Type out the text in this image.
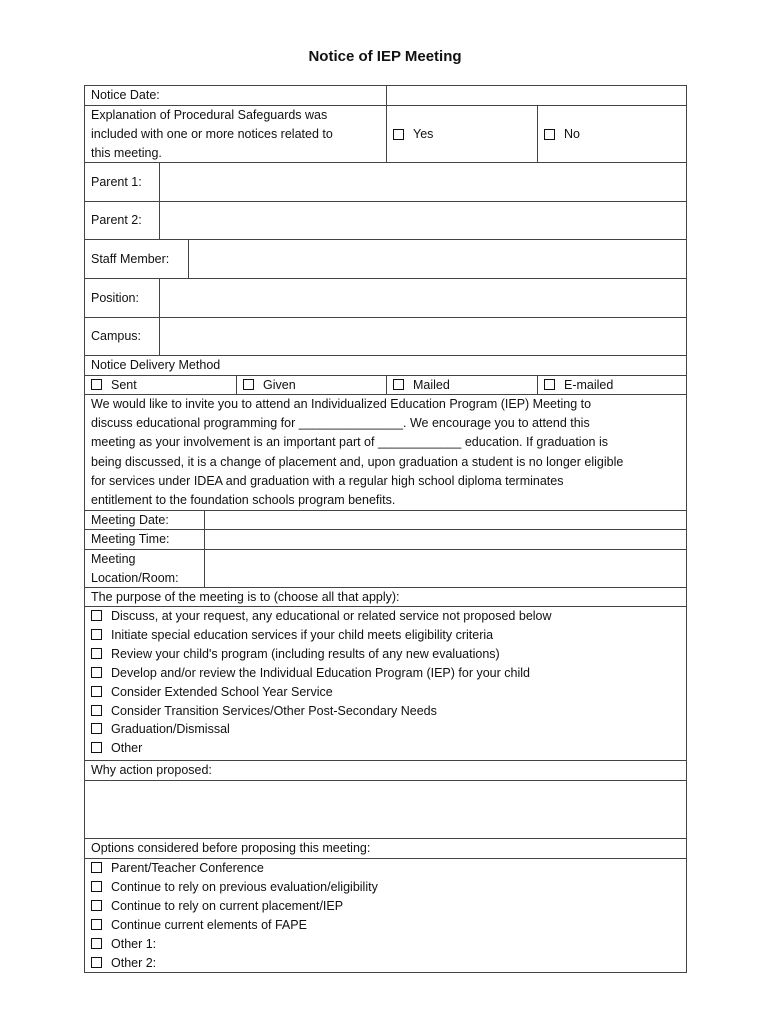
Notice of IEP Meeting
Notice Date:
Explanation of Procedural Safeguards was
included with one or more notices related to
this meeting.
Yes	No
Parent 1:
Parent 2:
Staff Member:
Position:
Campus:
Notice Delivery Method
Sent	Given	Mailed	E-mailed
We would like to invite you to attend an Individualized Education Program (IEP) Meeting to
discuss educational programming for _______________. We encourage you to attend this
meeting as your involvement is an important part of ____________ education. If graduation is
being discussed, it is a change of placement and, upon graduation a student is no longer eligible
for services under IDEA and graduation with a regular high school diploma terminates
entitlement to the foundation schools program benefits.
Meeting Date:
Meeting Time:
Meeting
Location/Room:
The purpose of the meeting is to (choose all that apply):
Discuss, at your request, any educational or related service not proposed below
Initiate special education services if your child meets eligibility criteria
Review your child's program (including results of any new evaluations)
Develop and/or review the Individual Education Program (IEP) for your child
Consider Extended School Year Service
Consider Transition Services/Other Post-Secondary Needs
Graduation/Dismissal
Other
Why action proposed:
Options considered before proposing this meeting:
Parent/Teacher Conference
Continue to rely on previous evaluation/eligibility
Continue to rely on current placement/IEP
Continue current elements of FAPE
Other 1:
Other 2:
